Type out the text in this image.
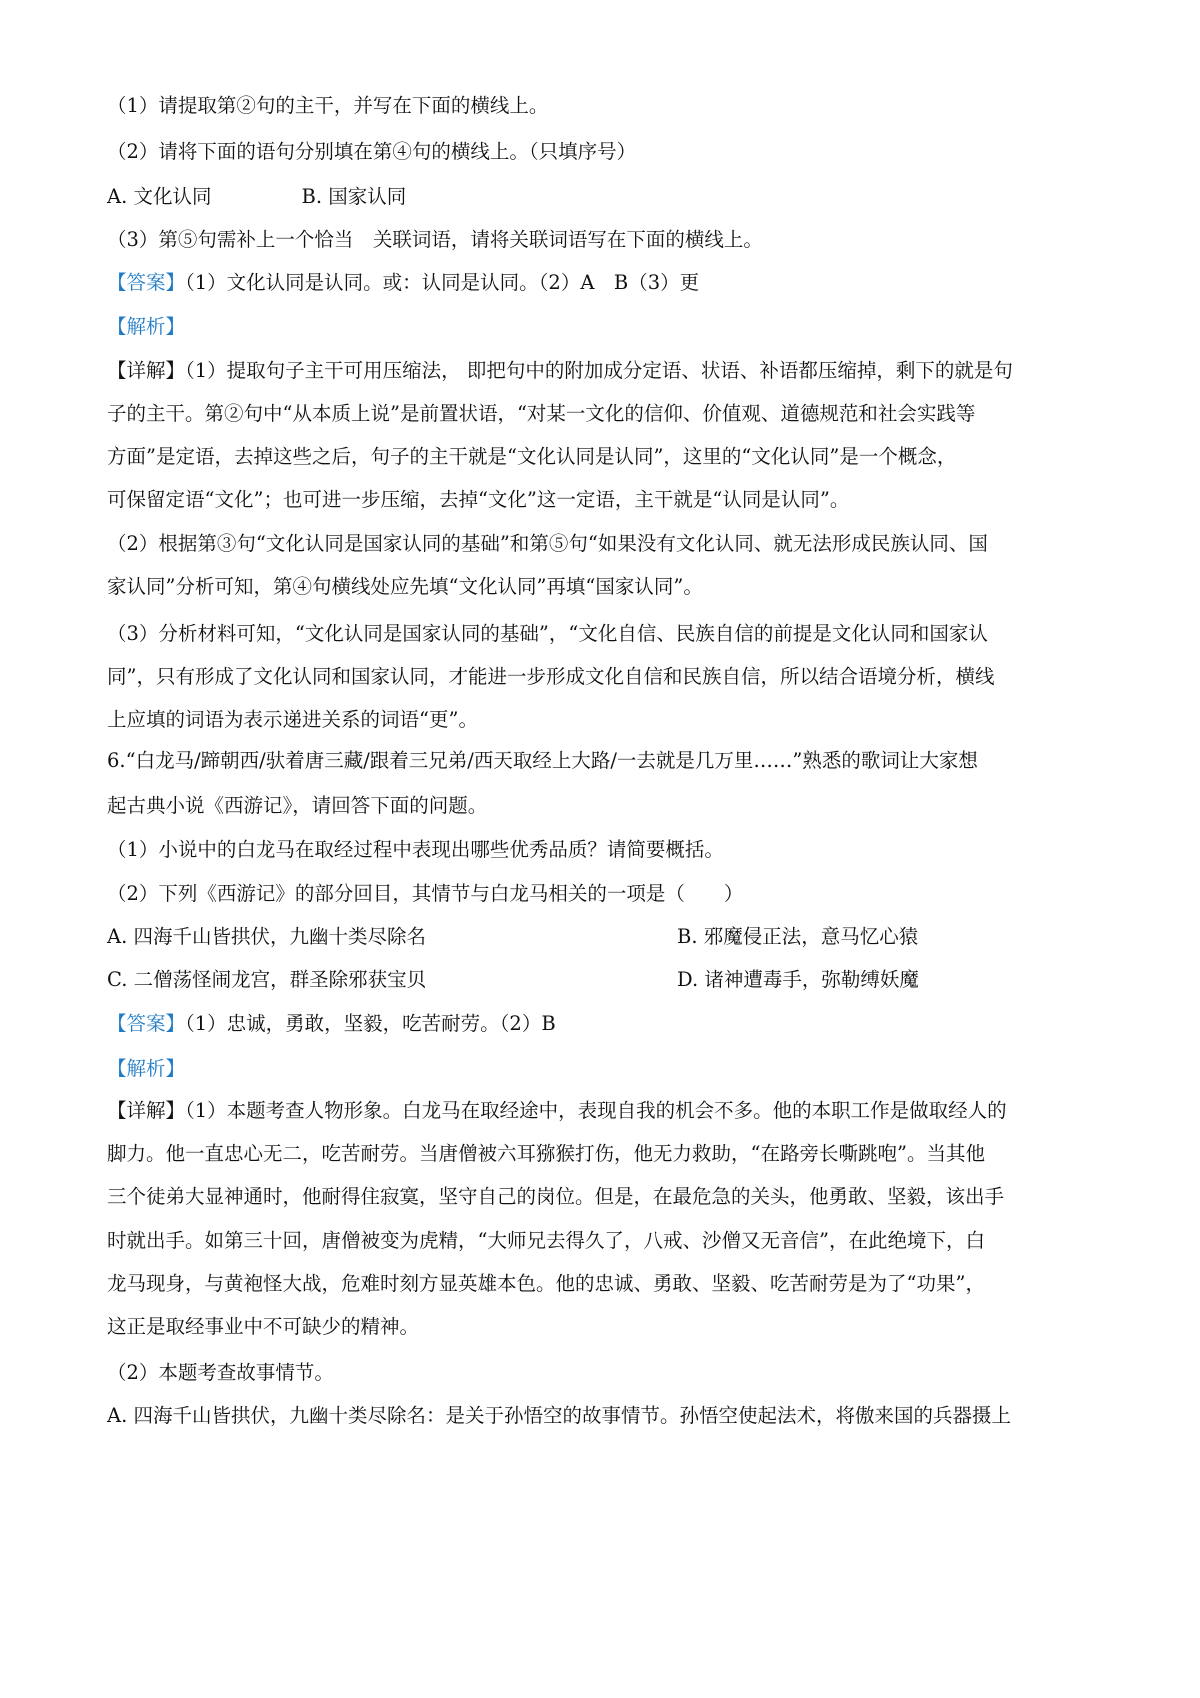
（1）请提取第②句的主干，并写在下面的横线上。
（2）请将下面的语句分别填在第④句的横线上。（只填序号）
A. 文化认同	B. 国家认同
（3）第⑤句需补上一个恰当　关联词语，请将关联词语写在下面的横线上。
【答案】（1）文化认同是认同。或：认同是认同。（2）A　B（3）更
【解析】
【详解】（1）提取句子主干可用压缩法， 即把句中的附加成分定语、状语、补语都压缩掉，剩下的就是句
子的主干。第②句中“从本质上说”是前置状语，“对某一文化的信仰、价值观、道德规范和社会实践等
方面”是定语，去掉这些之后，句子的主干就是“文化认同是认同”，这里的“文化认同”是一个概念，
可保留定语“文化”；也可进一步压缩，去掉“文化”这一定语，主干就是“认同是认同”。
（2）根据第③句“文化认同是国家认同的基础”和第⑤句“如果没有文化认同、就无法形成民族认同、国
家认同”分析可知，第④句横线处应先填“文化认同”再填“国家认同”。
（3）分析材料可知，“文化认同是国家认同的基础”，“文化自信、民族自信的前提是文化认同和国家认
同”，只有形成了文化认同和国家认同，才能进一步形成文化自信和民族自信，所以结合语境分析，横线
上应填的词语为表示递进关系的词语“更”。
6.“白龙马/蹄朝西/驮着唐三藏/跟着三兄弟/西天取经上大路/一去就是几万里……”熟悉的歌词让大家想
起古典小说《西游记》，请回答下面的问题。
（1）小说中的白龙马在取经过程中表现出哪些优秀品质？请简要概括。
（2）下列《西游记》的部分回目，其情节与白龙马相关的一项是（　　）
A. 四海千山皆拱伏，九幽十类尽除名	B. 邪魔侵正法，意马忆心猿
C. 二僧荡怪闹龙宫，群圣除邪获宝贝	D. 诸神遭毒手，弥勒缚妖魔
【答案】（1）忠诚，勇敢，坚毅，吃苦耐劳。（2）B
【解析】
【详解】（1）本题考查人物形象。白龙马在取经途中，表现自我的机会不多。他的本职工作是做取经人的
脚力。他一直忠心无二，吃苦耐劳。当唐僧被六耳猕猴打伤，他无力救助，“在路旁长嘶跳咆”。当其他
三个徒弟大显神通时，他耐得住寂寞，坚守自己的岗位。但是，在最危急的关头，他勇敢、坚毅，该出手
时就出手。如第三十回，唐僧被变为虎精，“大师兄去得久了，八戒、沙僧又无音信”，在此绝境下，白
龙马现身，与黄袍怪大战，危难时刻方显英雄本色。他的忠诚、勇敢、坚毅、吃苦耐劳是为了“功果”，
这正是取经事业中不可缺少的精神。
（2）本题考查故事情节。
A. 四海千山皆拱伏，九幽十类尽除名：是关于孙悟空的故事情节。孙悟空使起法术，将傲来国的兵器摄上
